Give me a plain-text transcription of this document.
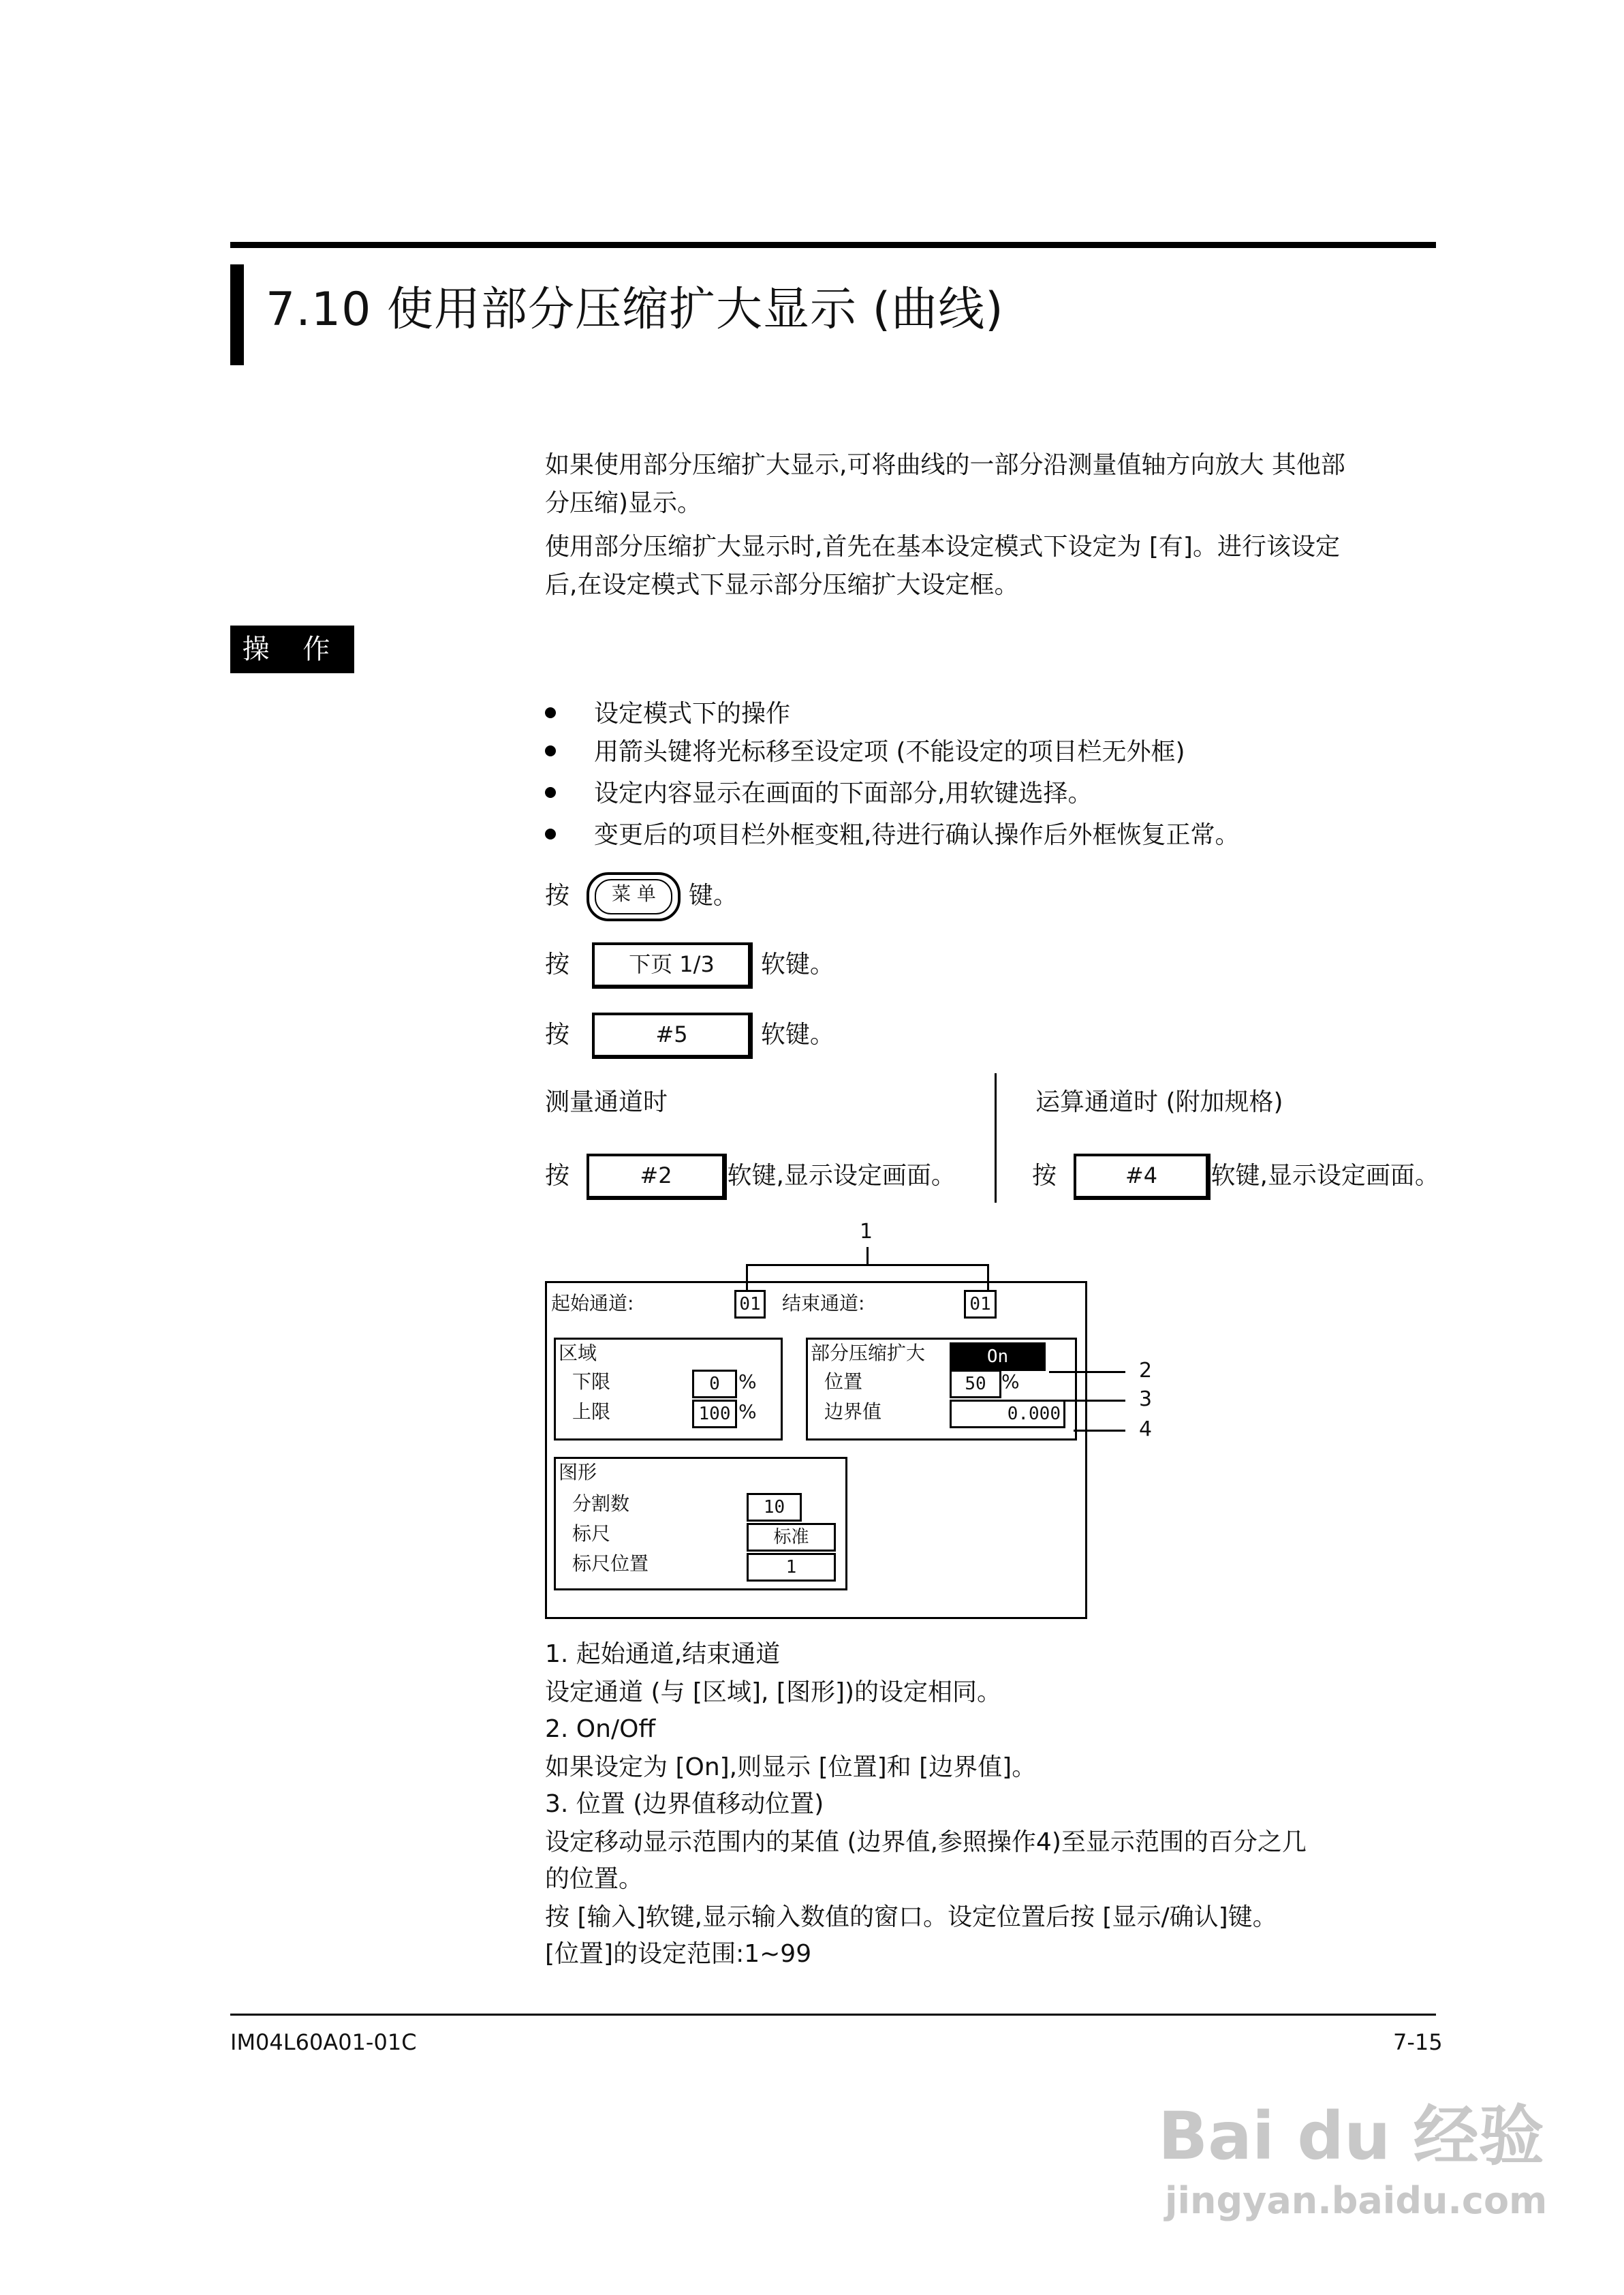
7.10 使用部分压缩扩大显示 (曲线)
如果使用部分压缩扩大显示,可将曲线的一部分沿测量值轴方向放大 其他部
分压缩)显示。
使用部分压缩扩大显示时,首先在基本设定模式下设定为 [有]。进行该设定
后,在设定模式下显示部分压缩扩大设定框。
操 作
设定模式下的操作
用箭头键将光标移至设定项 (不能设定的项目栏无外框)
设定内容显示在画面的下面部分,用软键选择。
变更后的项目栏外框变粗,待进行确认操作后外框恢复正常。
按 菜 单 键。
按	下页 1/3 软键。
按	#5	软键。
测量通道时	运算通道时 (附加规格)
按	#2 软键,显示设定画面。	按	#4 软键,显示设定画面。
1
起始通道:	01 结束通道:	01
区域
下限	0 %
上限	100 %
部分压缩扩大	On
位置	50 %
边界值	0.000
图形
分割数	10
标尺	标准
标尺位置	1
2
3
4
1. 起始通道,结束通道
设定通道 (与 [区域], [图形])的设定相同。
2. On/Off
如果设定为 [On],则显示 [位置]和 [边界值]。
3. 位置 (边界值移动位置)
设定移动显示范围内的某值 (边界值,参照操作4)至显示范围的百分之几
的位置。
按 [输入]软键,显示输入数值的窗口。设定位置后按 [显示/确认]键。
[位置]的设定范围:1~99
IM04L60A01-01C	7-15
Bai du 经验
jingyan.baidu.com
